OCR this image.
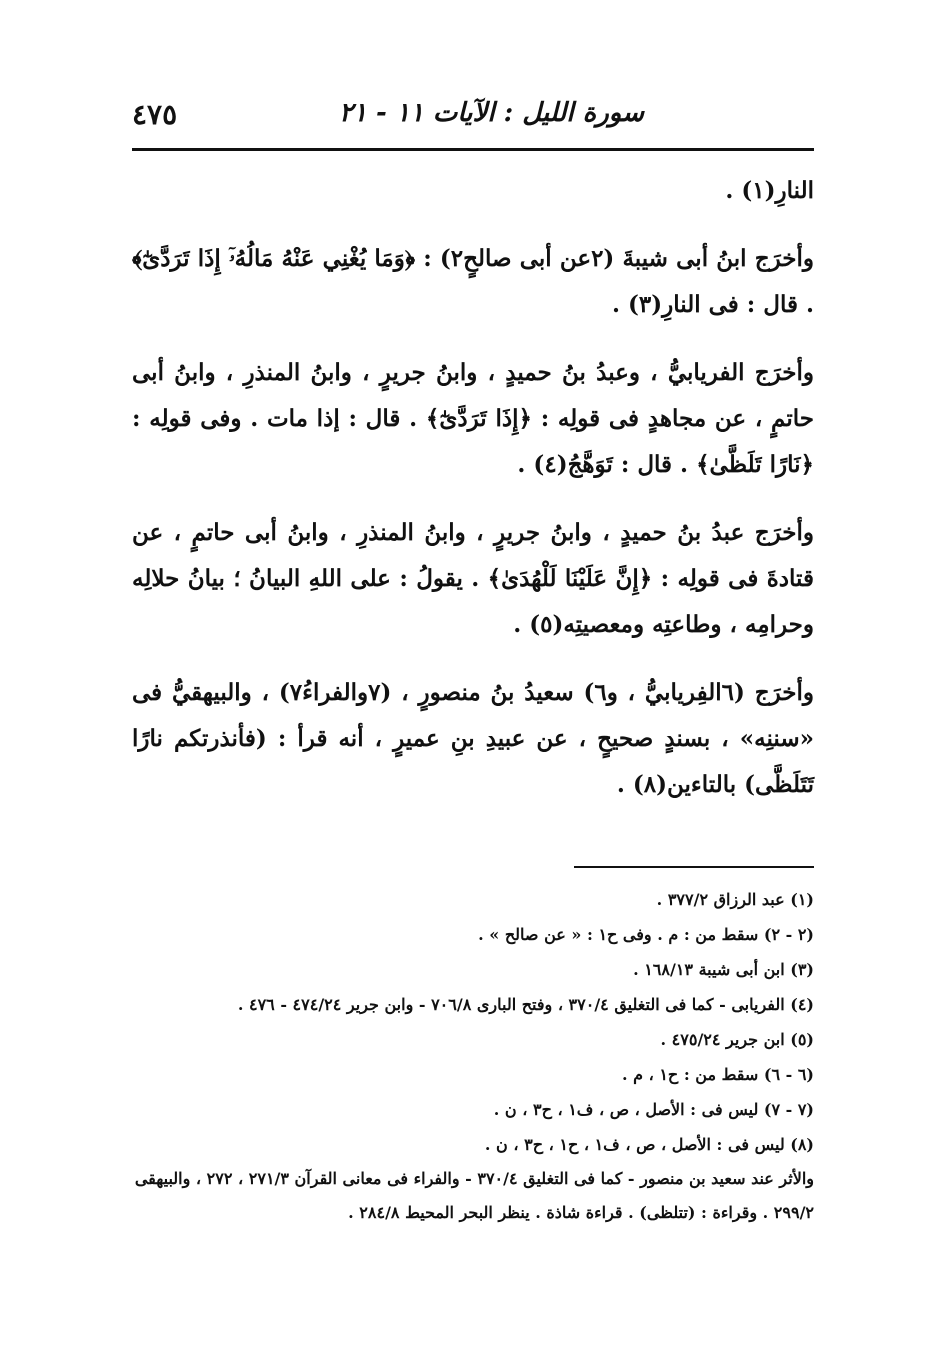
سورة الليل : الآيات ١١ - ٢١
٤٧٥

النارِ(١) .

وأخرَج ابنُ أبى شيبةَ (٢عن أبى صالحٍ٢) : ﴿وَمَا يُغْنِي عَنْهُ مَالُهُۥٓ إِذَا تَرَدَّىٰٓ﴾ . قال : فى النارِ(٣) .

وأخرَج الفريابيُّ ، وعبدُ بنُ حميدٍ ، وابنُ جريرٍ ، وابنُ المنذرِ ، وابنُ أبى حاتمٍ ، عن مجاهدٍ فى قولِه : ﴿إِذَا تَرَدَّىٰٓ﴾ . قال : إذا مات . وفى قولِه : ﴿نَارًا تَلَظَّىٰ﴾ . قال : تَوَهَّجُ(٤) .

وأخرَج عبدُ بنُ حميدٍ ، وابنُ جريرٍ ، وابنُ المنذرِ ، وابنُ أبى حاتمٍ ، عن قتادةَ فى قولِه : ﴿إِنَّ عَلَيْنَا لَلْهُدَىٰ﴾ . يقولُ : على اللهِ البيانُ ؛ بيانُ حلالِه وحرامِه ، وطاعتِه ومعصيتِه(٥) .

وأخرَج (٦الفِريابيُّ ، و٦) سعيدُ بنُ منصورٍ ، (٧والفراءُ٧) ، والبيهقيُّ فى «سننِه» ، بسندٍ صحيحٍ ، عن عبيدِ بنِ عميرٍ ، أنه قرأ : (فأنذرتكم نارًا تَتَلَظَّى) بالتاءين(٨) .

(١) عبد الرزاق ٣٧٧/٢ .

(٢ - ٢) سقط من : م . وفى ح١ : « عن صالح » .

(٣) ابن أبى شيبة ١٦٨/١٣ .

(٤) الفريابى - كما فى التغليق ٣٧٠/٤ ، وفتح البارى ٧٠٦/٨ - وابن جرير ٤٧٤/٢٤ - ٤٧٦ .

(٥) ابن جرير ٤٧٥/٢٤ .

(٦ - ٦) سقط من : ح١ ، م .

(٧ - ٧) ليس فى : الأصل ، ص ، ف١ ، ح٣ ، ن .

(٨) ليس فى : الأصل ، ص ، ف١ ، ح١ ، ح٣ ، ن .

والأثر عند سعيد بن منصور - كما فى التغليق ٣٧٠/٤ - والفراء فى معانى القرآن ٢٧١/٣ ، ٢٧٢ ، والبيهقى ٢٩٩/٢ . وقراءة : (تتلظى) . قراءة شاذة . ينظر البحر المحيط ٢٨٤/٨ .
